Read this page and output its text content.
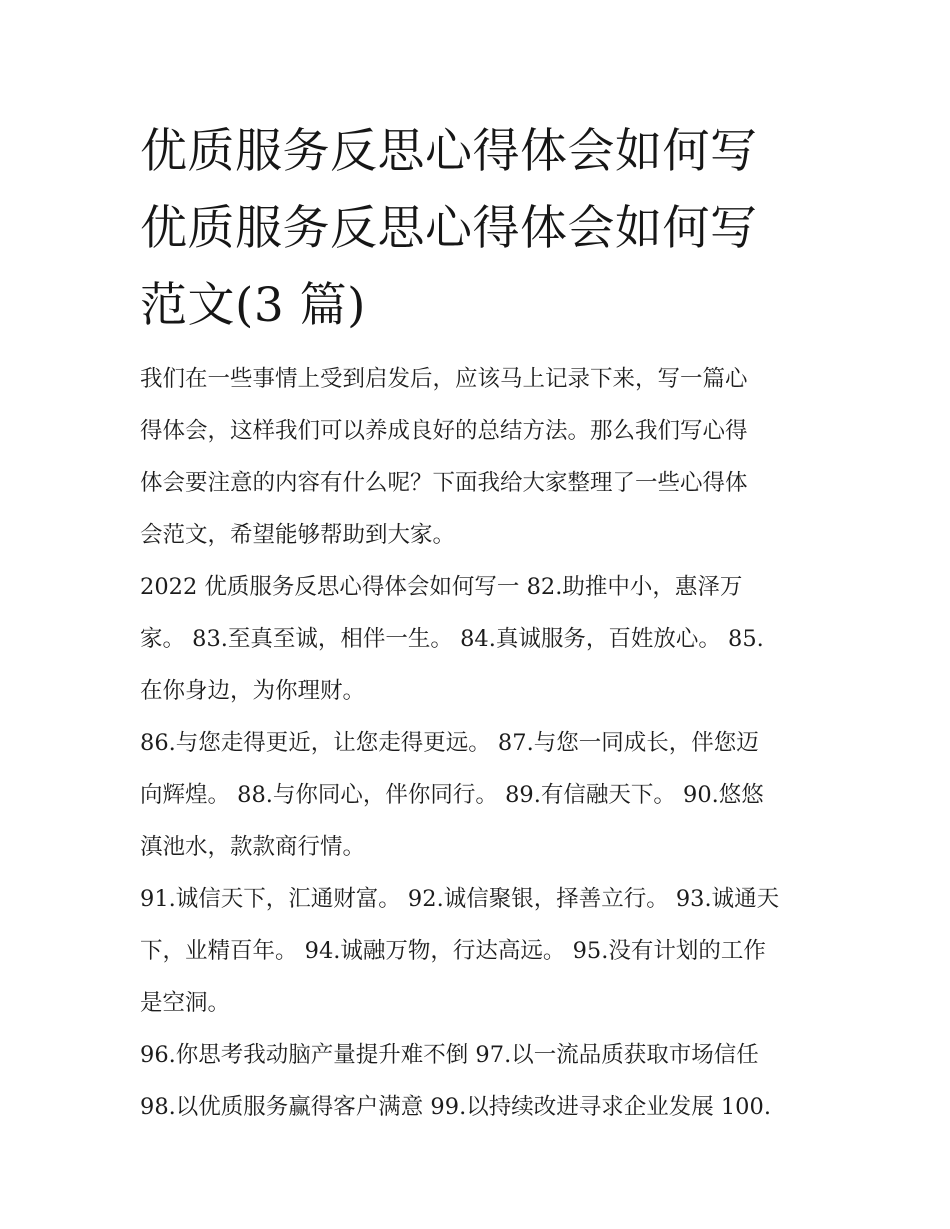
优质服务反思心得体会如何写
优质服务反思心得体会如何写
范文(3 篇)
我们在一些事情上受到启发后，应该马上记录下来，写一篇心
得体会，这样我们可以养成良好的总结方法。那么我们写心得
体会要注意的内容有什么呢？下面我给大家整理了一些心得体
会范文，希望能够帮助到大家。
2022 优质服务反思心得体会如何写一 82.助推中小，惠泽万
家。 83.至真至诚，相伴一生。 84.真诚服务，百姓放心。 85.
在你身边，为你理财。
86.与您走得更近，让您走得更远。 87.与您一同成长，伴您迈
向辉煌。 88.与你同心，伴你同行。 89.有信融天下。 90.悠悠
滇池水，款款商行情。
91.诚信天下，汇通财富。 92.诚信聚银，择善立行。 93.诚通天
下，业精百年。 94.诚融万物，行达高远。 95.没有计划的工作
是空洞。
96.你思考我动脑产量提升难不倒 97.以一流品质获取市场信任
98.以优质服务赢得客户满意 99.以持续改进寻求企业发展 100.
